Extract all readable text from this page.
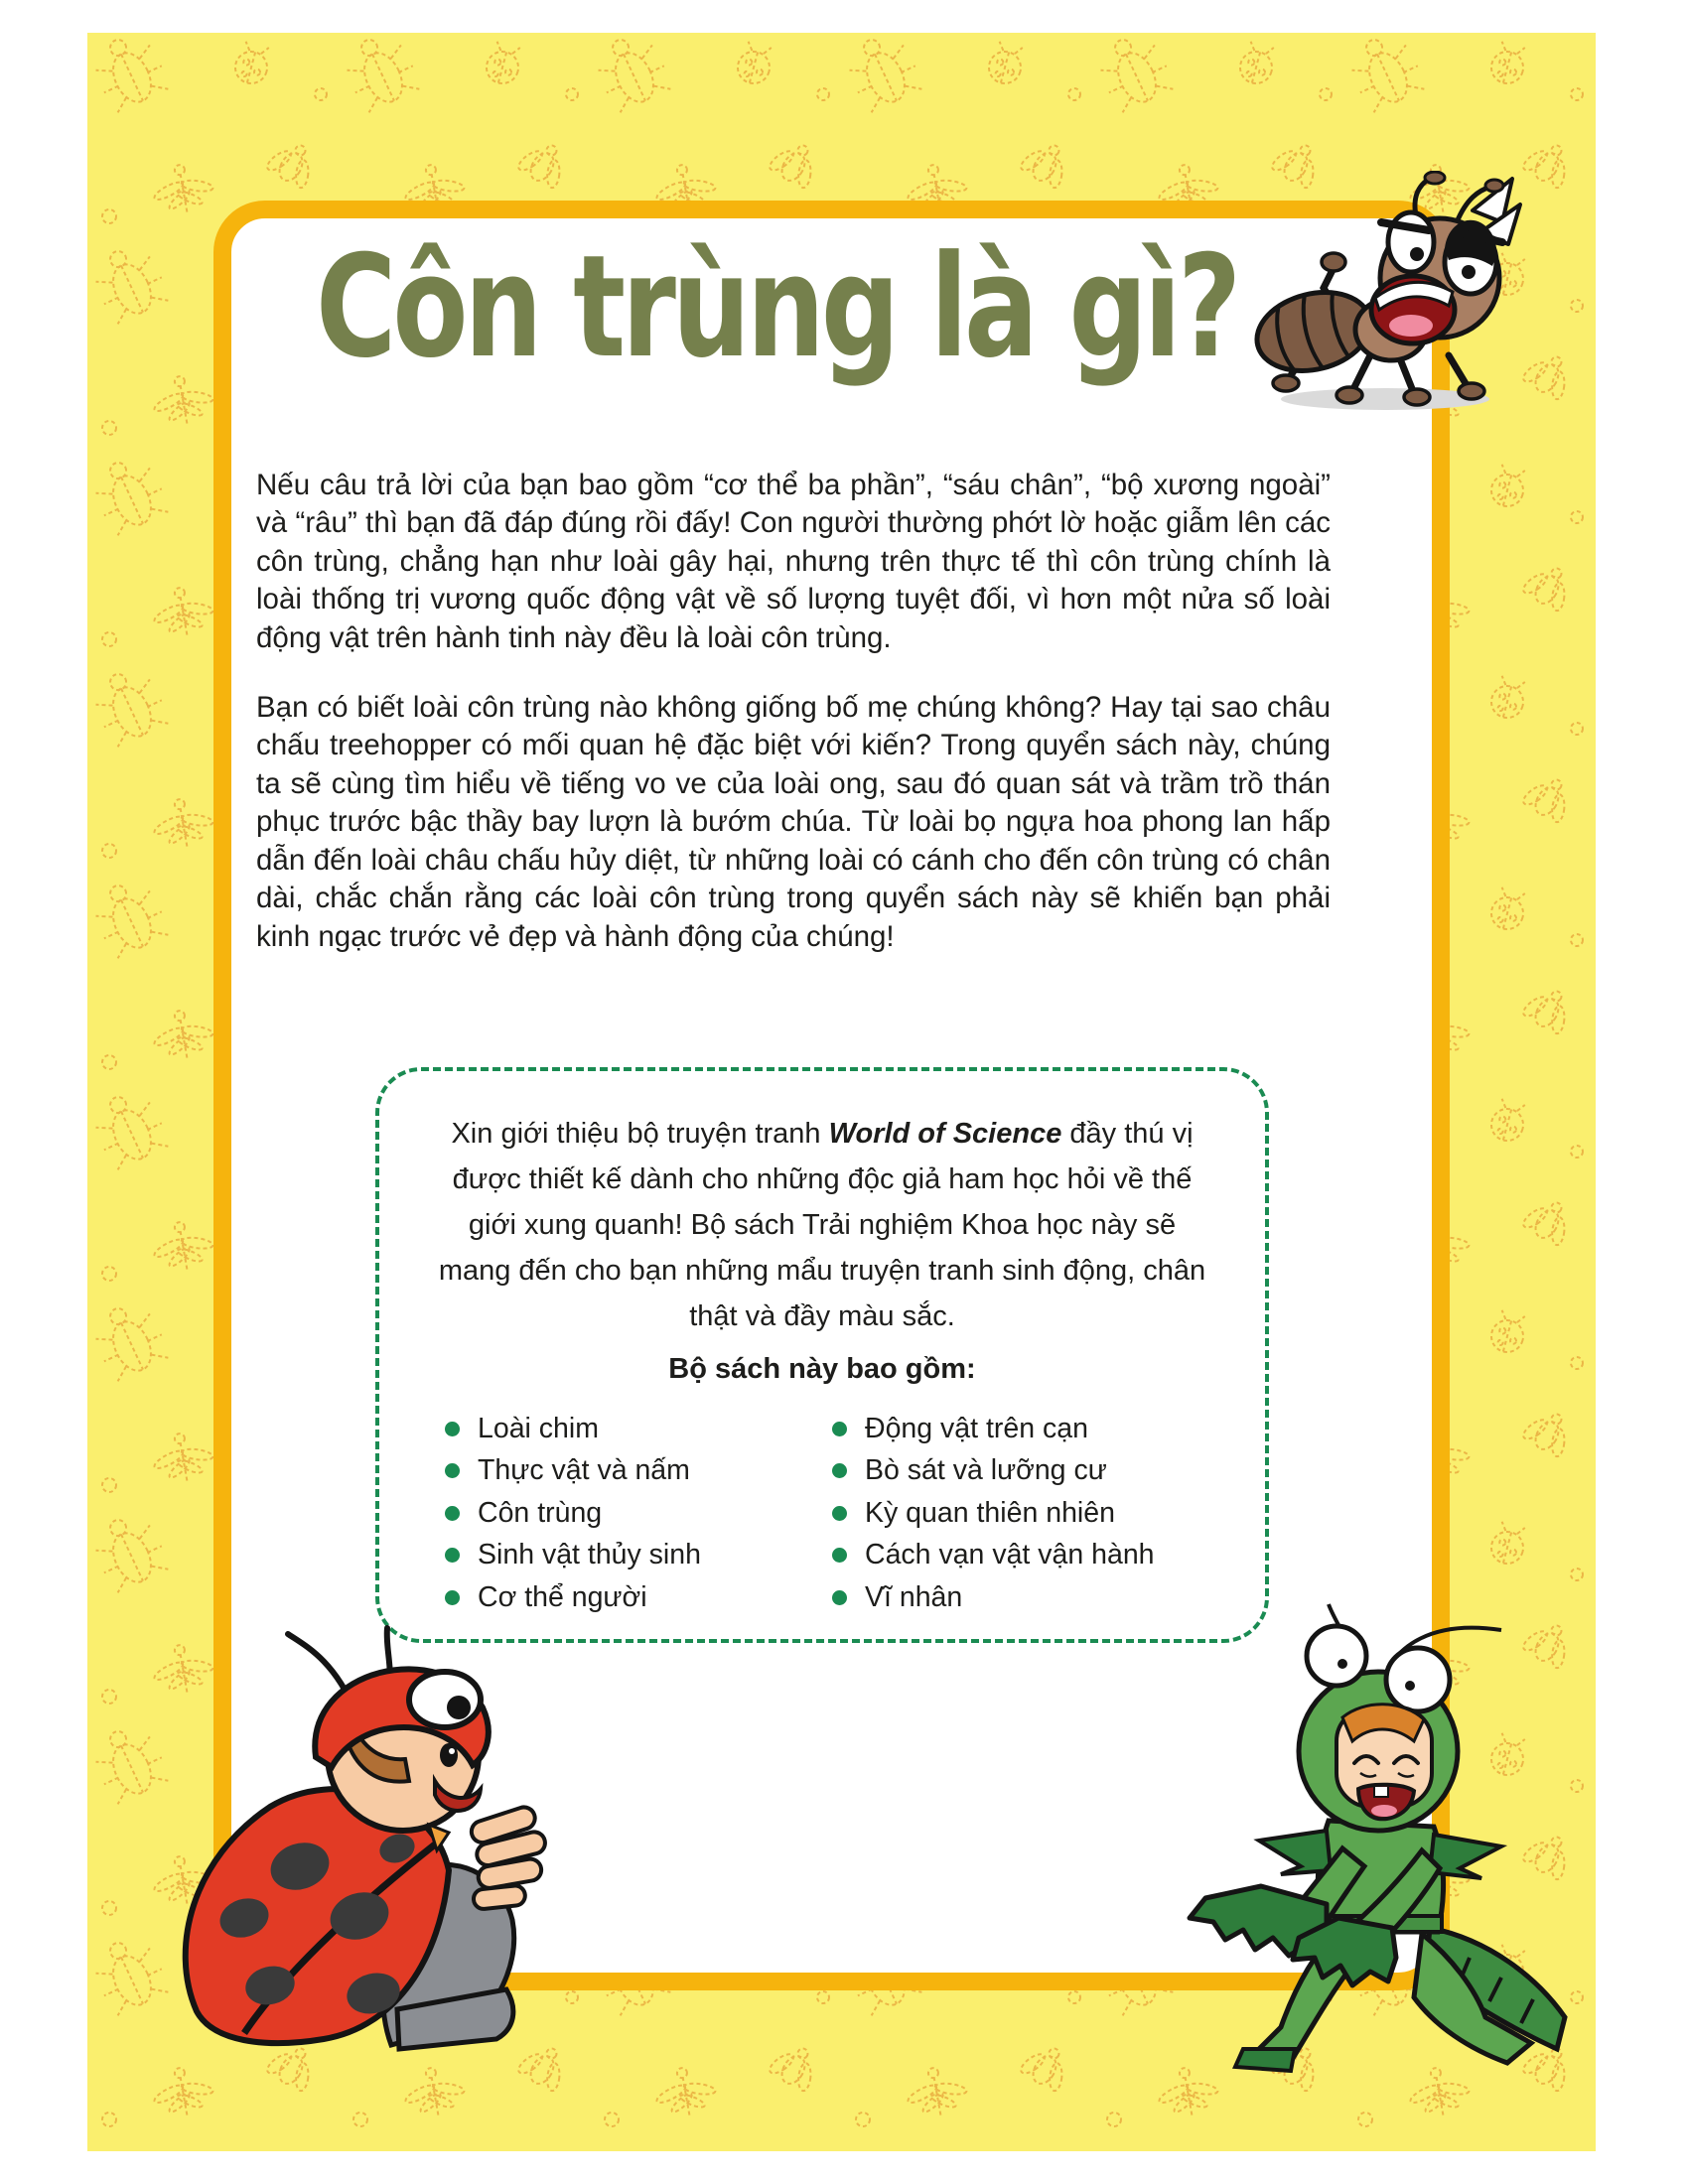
Côn trùng là gì?

Nếu câu trả lời của bạn bao gồm “cơ thể ba phần”, “sáu chân”, “bộ xương ngoài” và “râu” thì bạn đã đáp đúng rồi đấy! Con người thường phớt lờ hoặc giẫm lên các côn trùng, chẳng hạn như loài gây hại, nhưng trên thực tế thì côn trùng chính là loài thống trị vương quốc động vật về số lượng tuyệt đối, vì hơn một nửa số loài động vật trên hành tinh này đều là loài côn trùng.

Bạn có biết loài côn trùng nào không giống bố mẹ chúng không? Hay tại sao châu chấu treehopper có mối quan hệ đặc biệt với kiến? Trong quyển sách này, chúng ta sẽ cùng tìm hiểu về tiếng vo ve của loài ong, sau đó quan sát và trầm trồ thán phục trước bậc thầy bay lượn là bướm chúa. Từ loài bọ ngựa hoa phong lan hấp dẫn đến loài châu chấu hủy diệt, từ những loài có cánh cho đến côn trùng có chân dài, chắc chắn rằng các loài côn trùng trong quyển sách này sẽ khiến bạn phải kinh ngạc trước vẻ đẹp và hành động của chúng!

Xin giới thiệu bộ truyện tranh World of Science đầy thú vị được thiết kế dành cho những độc giả ham học hỏi về thế giới xung quanh! Bộ sách Trải nghiệm Khoa học này sẽ mang đến cho bạn những mẩu truyện tranh sinh động, chân thật và đầy màu sắc.

Bộ sách này bao gồm:
Loài chim
Thực vật và nấm
Côn trùng
Sinh vật thủy sinh
Cơ thể người
Động vật trên cạn
Bò sát và lưỡng cư
Kỳ quan thiên nhiên
Cách vạn vật vận hành
Vĩ nhân
